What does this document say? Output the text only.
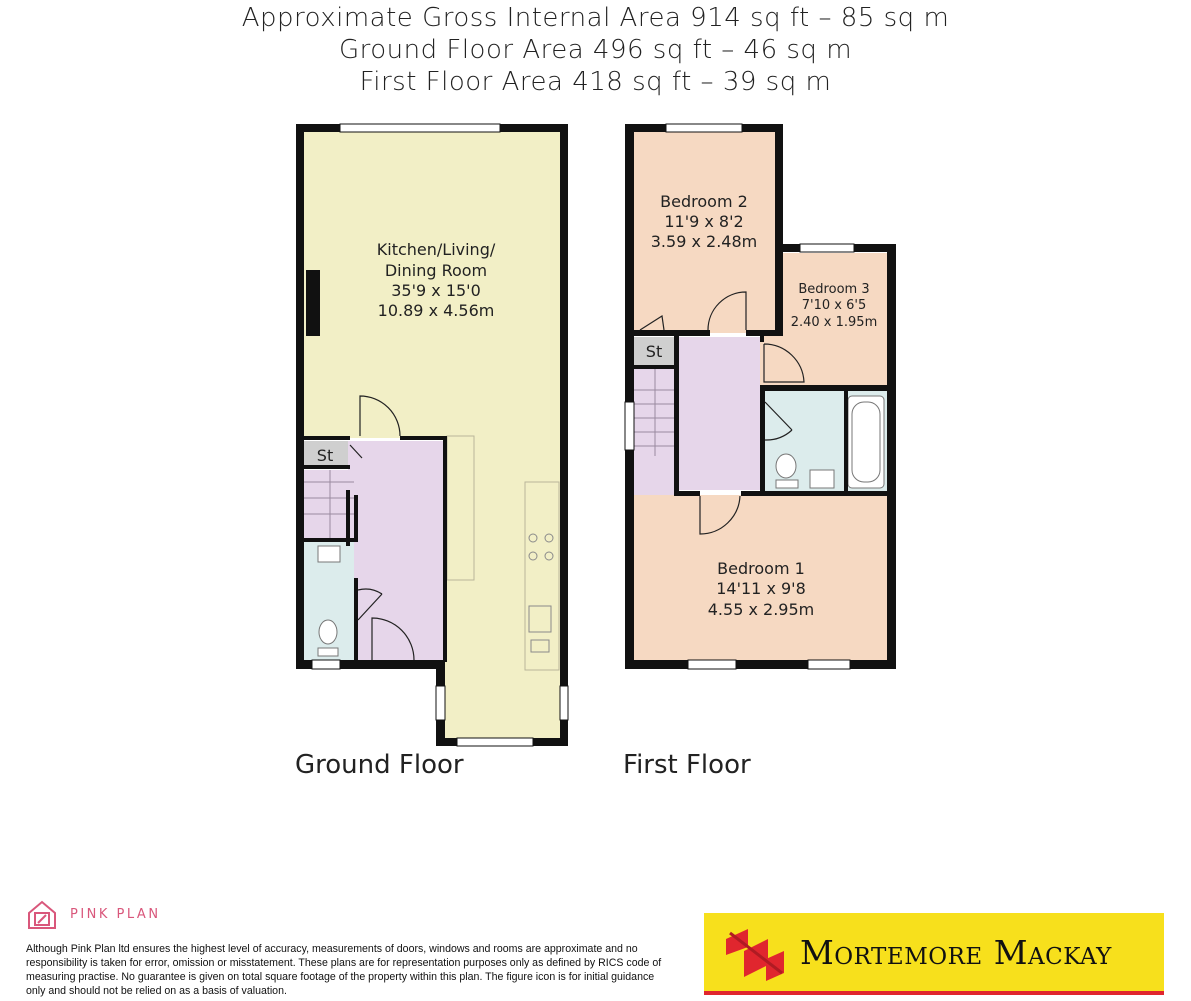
Approximate Gross Internal Area 914 sq ft – 85 sq m
Ground Floor Area 496 sq ft – 46 sq m
First Floor Area 418 sq ft – 39 sq m
Kitchen/Living/
Dining Room
35'9 x 15'0
10.89 x 4.56m
St
Bedroom 2
11'9 x 8'2
3.59 x 2.48m
Bedroom 3
7'10 x 6'5
2.40 x 1.95m
Bedroom 1
14'11 x 9'8
4.55 x 2.95m
St
Ground Floor	First Floor
PINK PLAN
Although Pink Plan ltd ensures the highest level of accuracy, measurements of doors, windows and rooms are approximate and no responsibility is taken for error, omission or misstatement. These plans are for representation purposes only as defined by RICS code of measuring practise. No guarantee is given on total square footage of the property within this plan. The figure icon is for initial guidance only and should not be relied on as a basis of valuation.
Mortemore Mackay
